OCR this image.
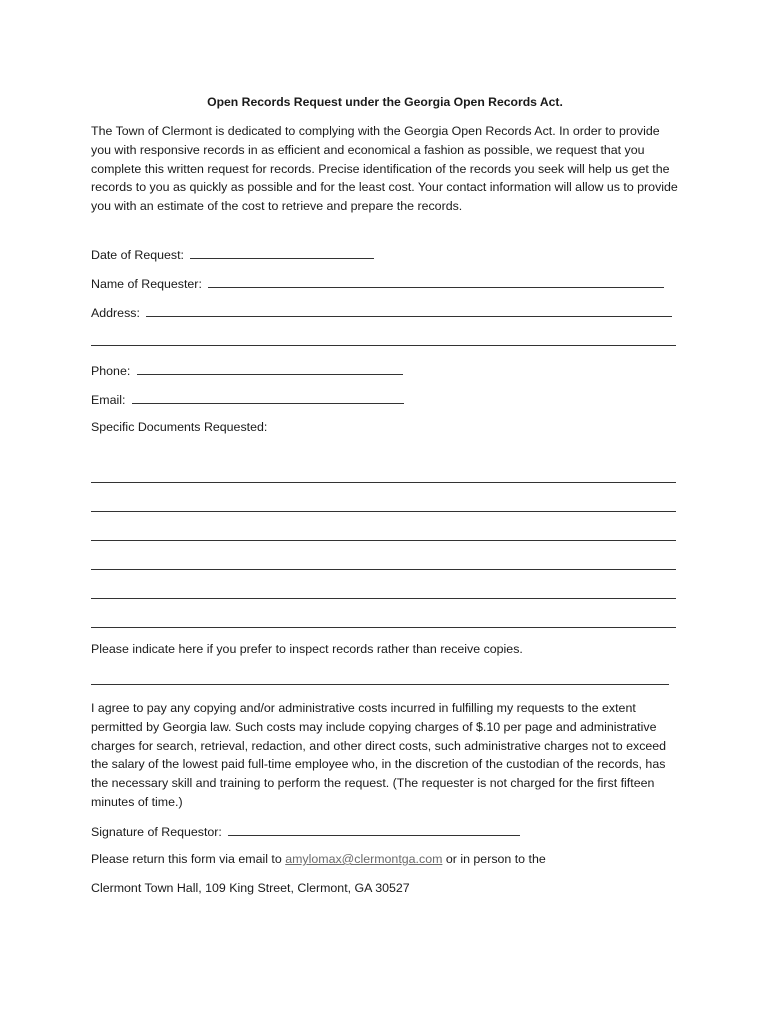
Open Records Request under the Georgia Open Records Act.
The Town of Clermont is dedicated to complying with the Georgia Open Records Act. In order to provide you with responsive records in as efficient and economical a fashion as possible, we request that you complete this written request for records. Precise identification of the records you seek will help us get the records to you as quickly as possible and for the least cost. Your contact information will allow us to provide you with an estimate of the cost to retrieve and prepare the records.
Date of Request:
Name of Requester:
Address:
Phone:
Email:
Specific Documents Requested:
Please indicate here if you prefer to inspect records rather than receive copies.
I agree to pay any copying and/or administrative costs incurred in fulfilling my requests to the extent permitted by Georgia law. Such costs may include copying charges of $.10 per page and administrative charges for search, retrieval, redaction, and other direct costs, such administrative charges not to exceed the salary of the lowest paid full-time employee who, in the discretion of the custodian of the records, has the necessary skill and training to perform the request. (The requester is not charged for the first fifteen minutes of time.)
Signature of Requestor:
Please return this form via email to amylomax@clermontga.com or in person to the
Clermont Town Hall, 109 King Street, Clermont, GA 30527
